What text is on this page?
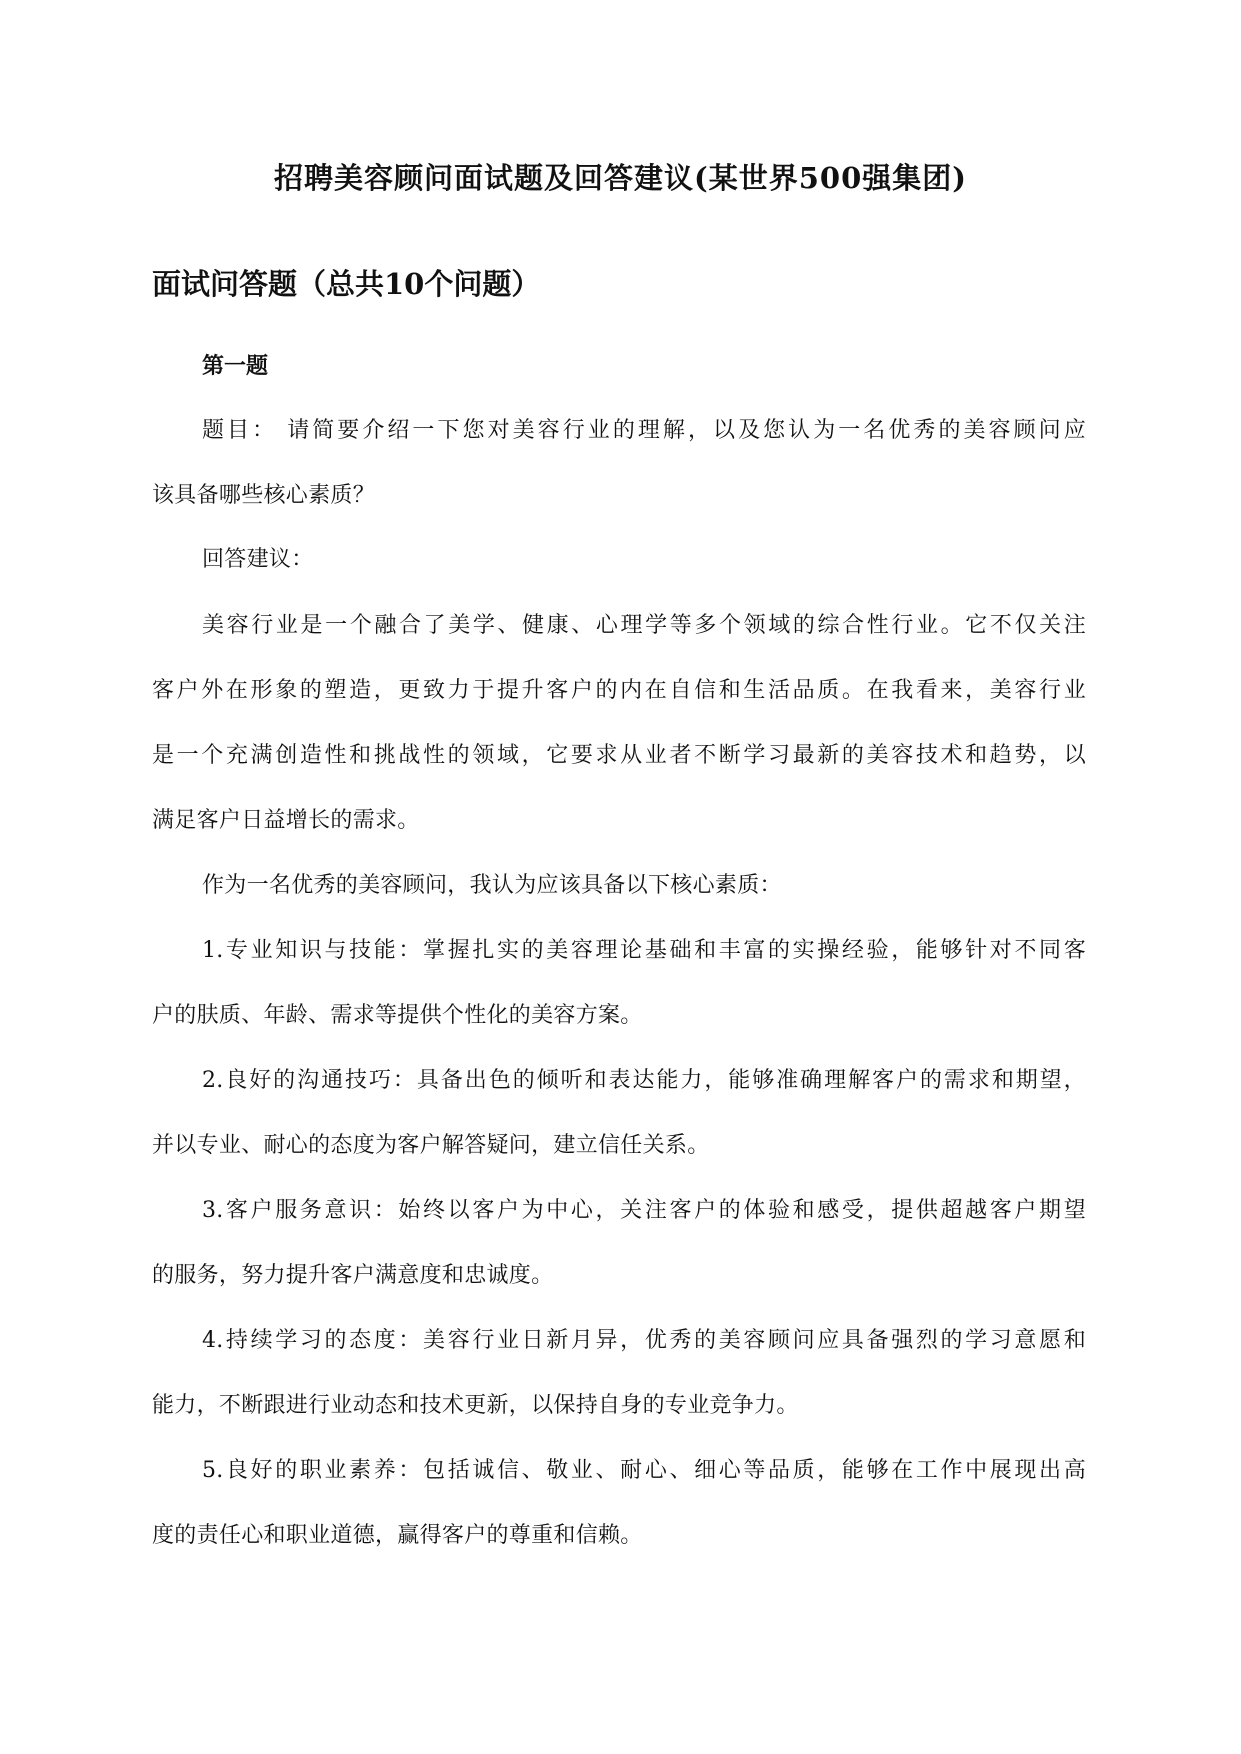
招聘美容顾问面试题及回答建议(某世界500强集团)
面试问答题（总共10个问题）
第一题
题目： 请简要介绍一下您对美容行业的理解，以及您认为一名优秀的美容顾问应
该具备哪些核心素质？
回答建议：
美容行业是一个融合了美学、健康、心理学等多个领域的综合性行业。它不仅关注
客户外在形象的塑造，更致力于提升客户的内在自信和生活品质。在我看来，美容行业
是一个充满创造性和挑战性的领域，它要求从业者不断学习最新的美容技术和趋势，以
满足客户日益增长的需求。
作为一名优秀的美容顾问，我认为应该具备以下核心素质：
1.专业知识与技能：掌握扎实的美容理论基础和丰富的实操经验，能够针对不同客
户的肤质、年龄、需求等提供个性化的美容方案。
2.良好的沟通技巧：具备出色的倾听和表达能力，能够准确理解客户的需求和期望，
并以专业、耐心的态度为客户解答疑问，建立信任关系。
3.客户服务意识：始终以客户为中心，关注客户的体验和感受，提供超越客户期望
的服务，努力提升客户满意度和忠诚度。
4.持续学习的态度：美容行业日新月异，优秀的美容顾问应具备强烈的学习意愿和
能力，不断跟进行业动态和技术更新，以保持自身的专业竞争力。
5.良好的职业素养：包括诚信、敬业、耐心、细心等品质，能够在工作中展现出高
度的责任心和职业道德，赢得客户的尊重和信赖。
